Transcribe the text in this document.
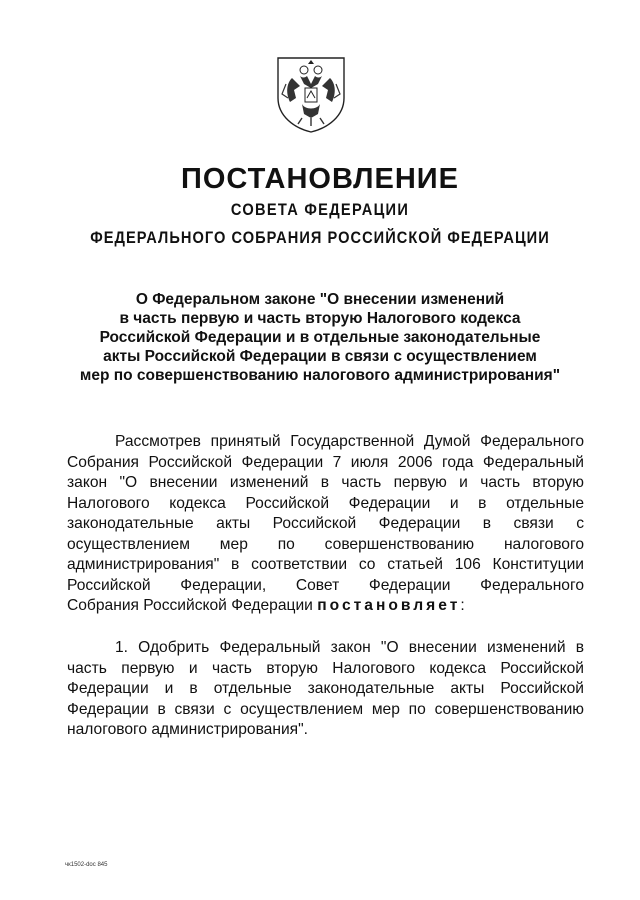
ПОСТАНОВЛЕНИЕ
СОВЕТА ФЕДЕРАЦИИ
ФЕДЕРАЛЬНОГО СОБРАНИЯ РОССИЙСКОЙ ФЕДЕРАЦИИ
О Федеральном законе "О внесении изменений
в часть первую и часть вторую Налогового кодекса
Российской Федерации и в отдельные законодательные
акты Российской Федерации в связи с осуществлением
мер по совершенствованию налогового администрирования"
Рассмотрев принятый Государственной Думой Федерального
Собрания Российской Федерации 7 июля 2006 года Федеральный
закон "О внесении изменений в часть первую и часть вторую
Налогового кодекса Российской Федерации и в отдельные
законодательные акты Российской Федерации в связи с
осуществлением мер по совершенствованию налогового
администрирования" в соответствии со статьей 106 Конституции
Российской Федерации, Совет Федерации Федерального
Собрания Российской Федерации постановляет:
1. Одобрить Федеральный закон "О внесении изменений в
часть первую и часть вторую Налогового кодекса Российской
Федерации и в отдельные законодательные акты Российской
Федерации в связи с осуществлением мер по совершенствованию
налогового администрирования".
чк1502-doc 845
